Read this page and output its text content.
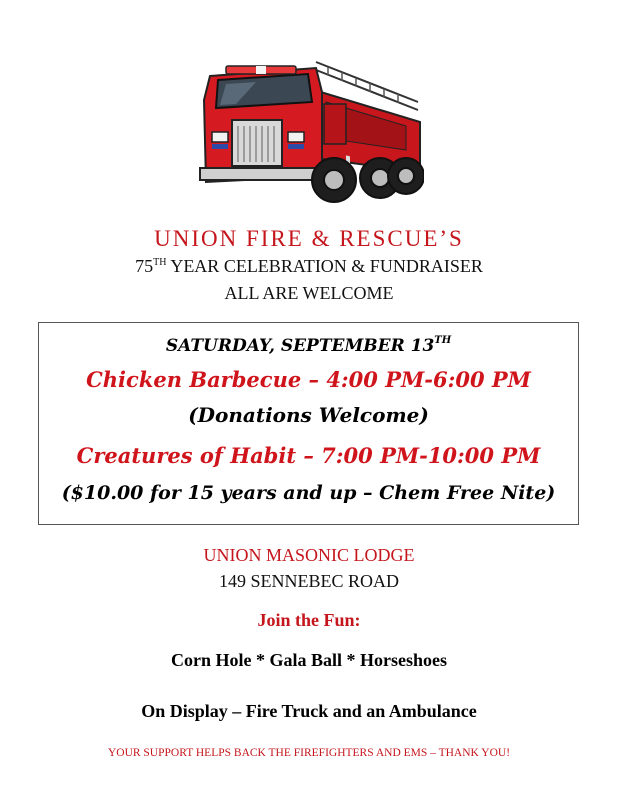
UNION FIRE & RESCUE’S
75TH YEAR CELEBRATION & FUNDRAISER
ALL ARE WELCOME
SATURDAY, SEPTEMBER 13TH
Chicken Barbecue – 4:00 PM-6:00 PM
(Donations Welcome)
Creatures of Habit – 7:00 PM-10:00 PM
($10.00 for 15 years and up – Chem Free Nite)
UNION MASONIC LODGE
149 SENNEBEC ROAD
Join the Fun:
Corn Hole * Gala Ball * Horseshoes
On Display – Fire Truck and an Ambulance
YOUR SUPPORT HELPS BACK THE FIREFIGHTERS AND EMS – THANK YOU!
